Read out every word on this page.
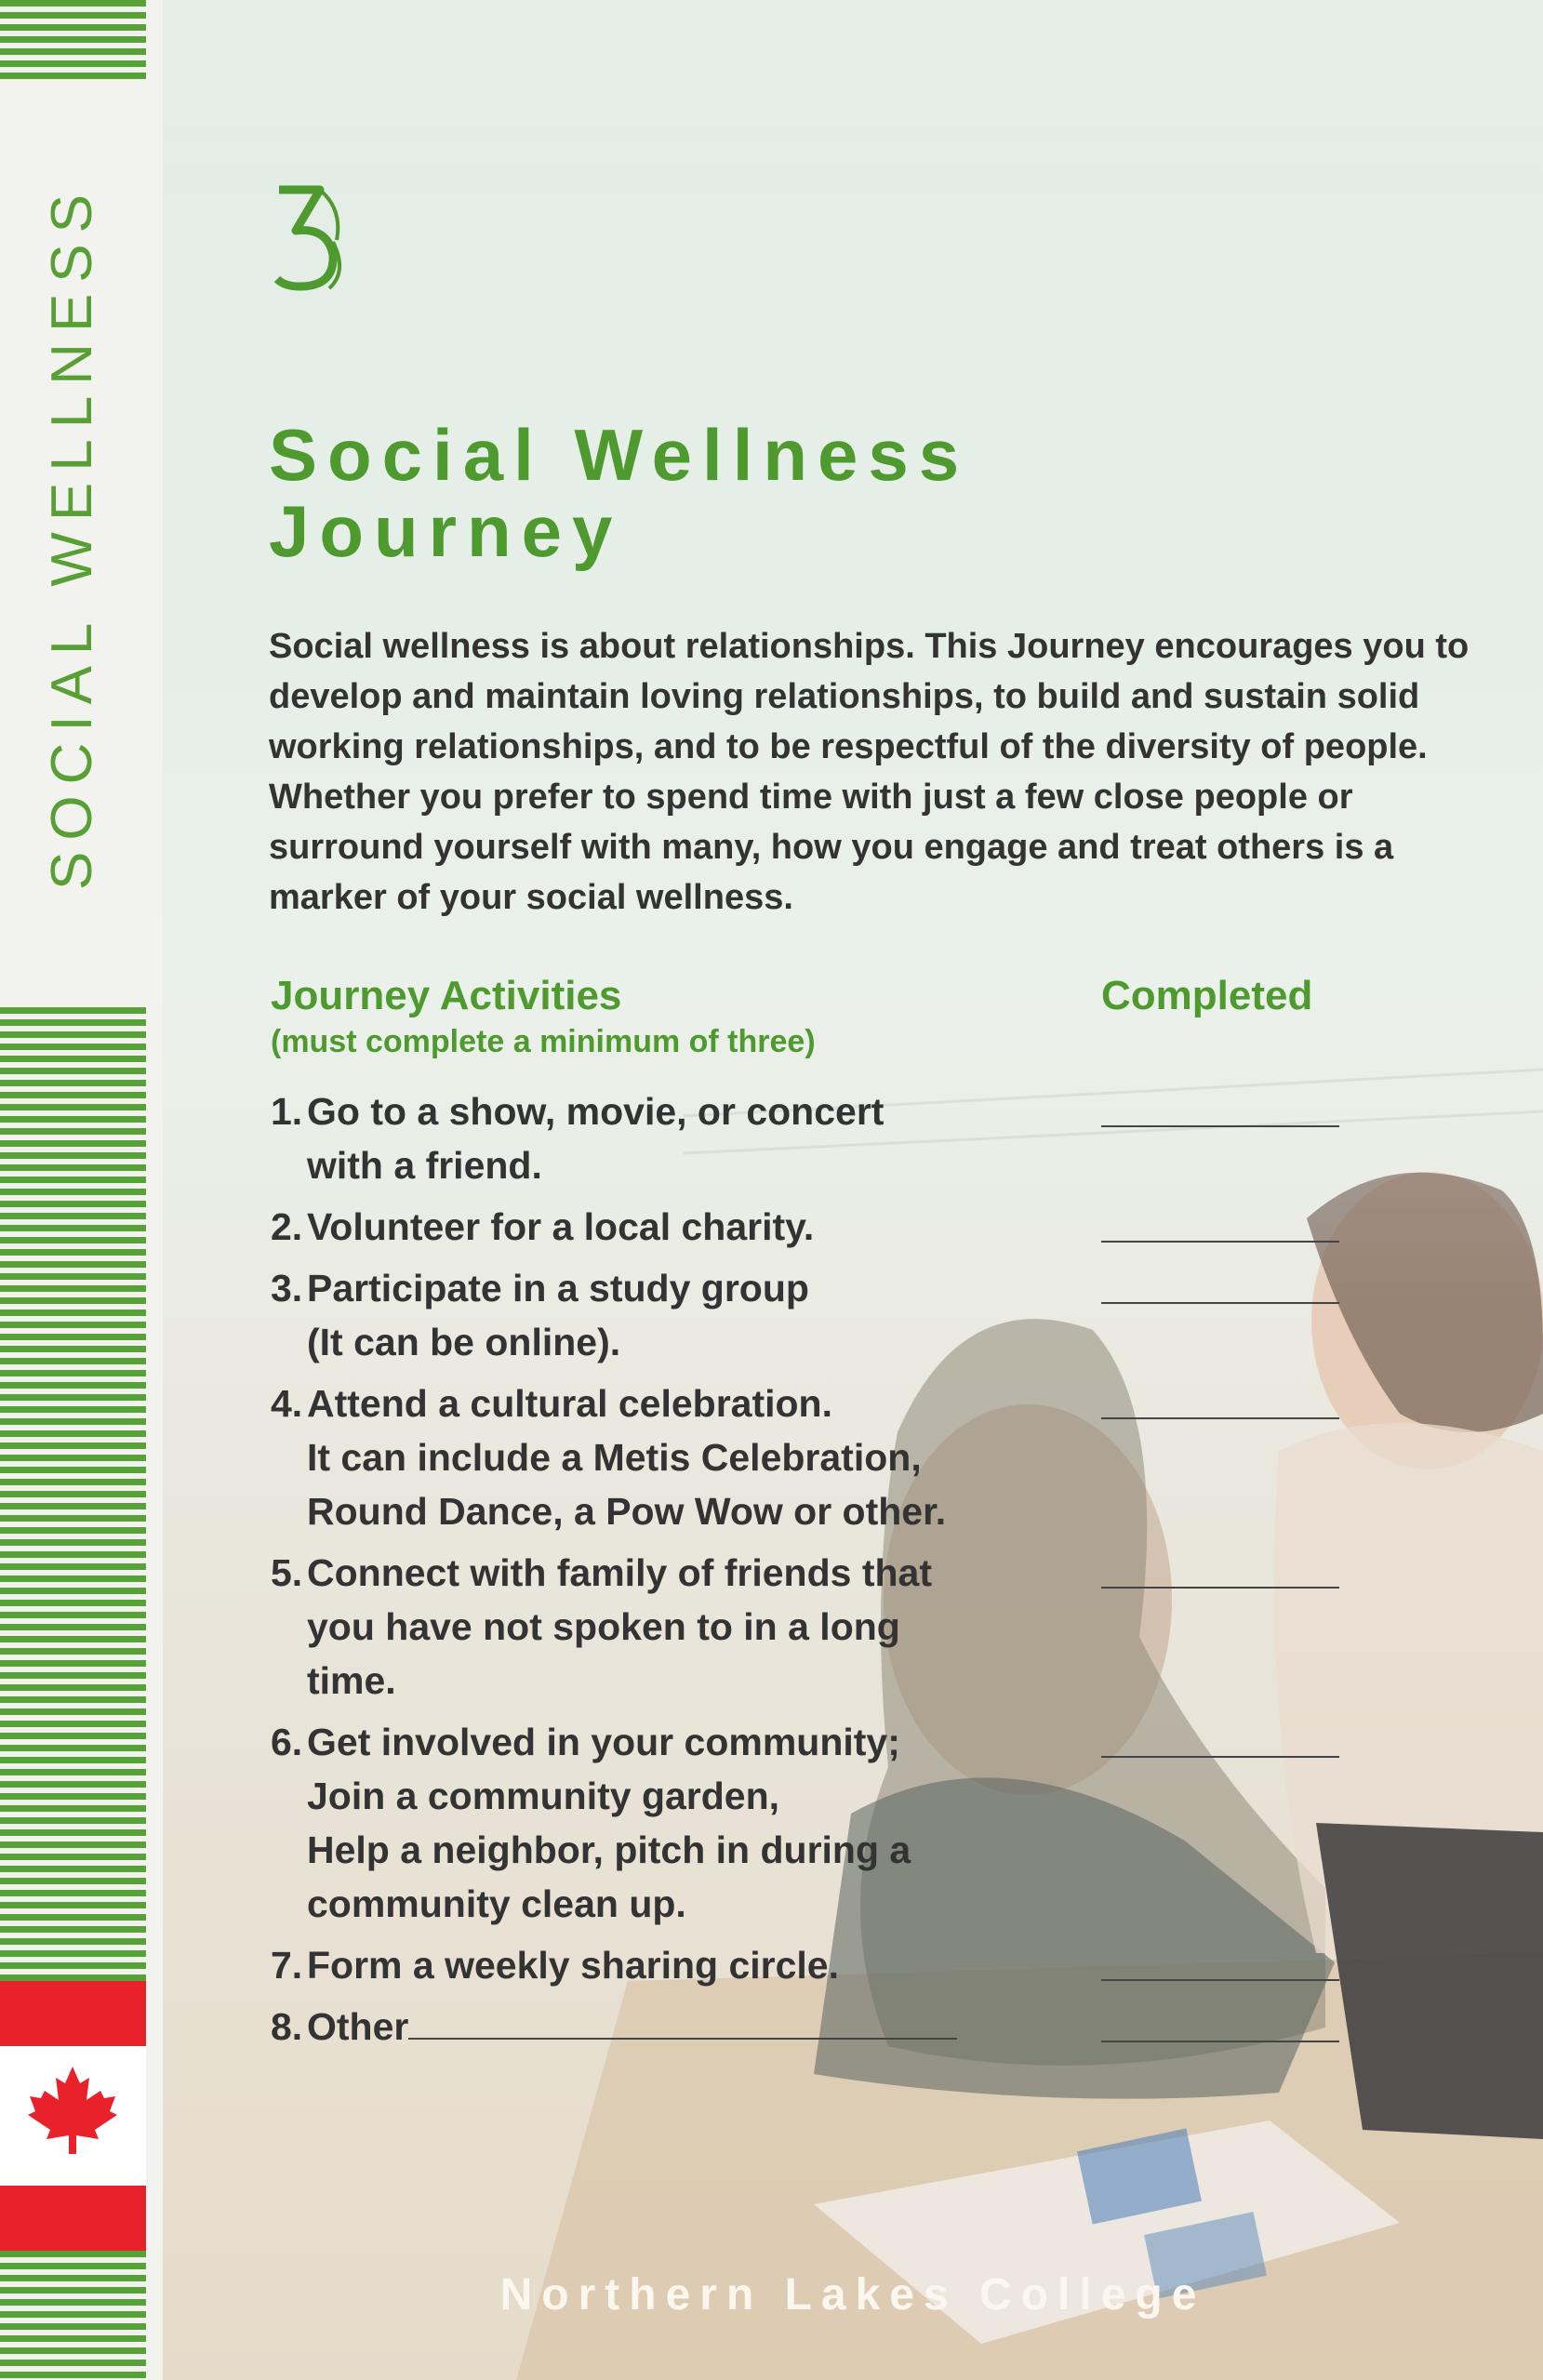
SOCIAL WELLNESS Social Wellness
Journey

Social wellness is about relationships. This Journey encourages you to develop and maintain loving relationships, to build and sustain solid working relationships, and to be respectful of the diversity of people. Whether you prefer to spend time with just a few close people or surround yourself with many, how you engage and treat others is a marker of your social wellness.

Journey Activities
(must complete a minimum of three)
Completed
1. Go to a show, movie, or concert
with a friend.
2. Volunteer for a local charity.
3. Participate in a study group
(It can be online).
4. Attend a cultural celebration.
It can include a Metis Celebration,
Round Dance, a Pow Wow or other.
5. Connect with family of friends that
you have not spoken to in a long
time.
6. Get involved in your community;
Join a community garden,
Help a neighbor, pitch in during a
community clean up.
7. Form a weekly sharing circle.
8. Other
Northern Lakes College
